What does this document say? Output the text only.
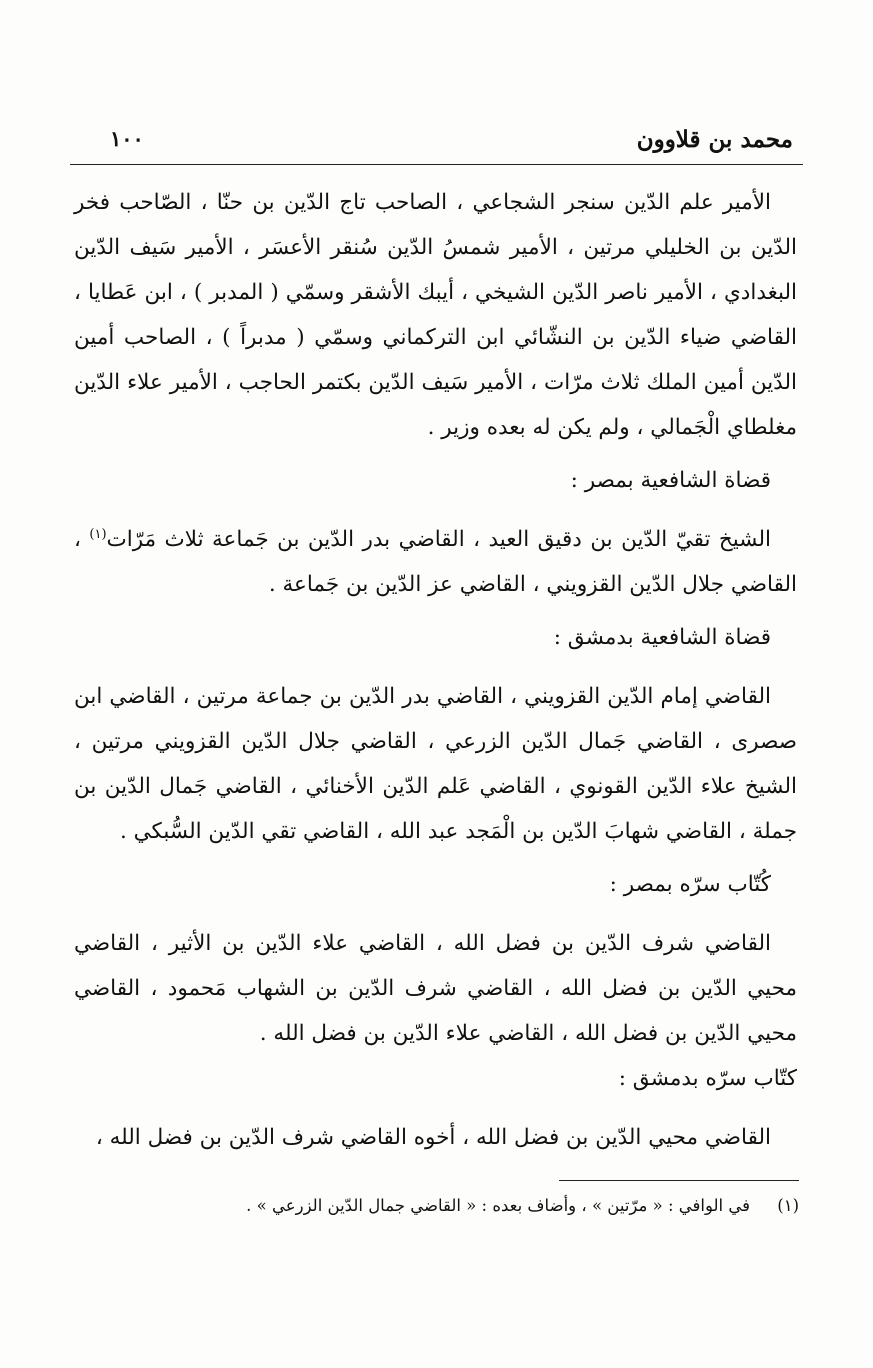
محمد بن قلاوون
١٠٠

الأمير علم الدّين سنجر الشجاعي ، الصاحب تاج الدّين بن حنّا ، الصّاحب فخر الدّين بن الخليلي مرتين ، الأمير شمسُ الدّين سُنقر الأعسَر ، الأمير سَيف الدّين البغدادي ، الأمير ناصر الدّين الشيخي ، أيبك الأشقر وسمّي ( المدبر ) ، ابن عَطايا ، القاضي ضياء الدّين بن النشّائي ابن التركماني وسمّي ( مدبراً ) ، الصاحب أمين الدّين أمين الملك ثلاث مرّات ، الأمير سَيف الدّين بكتمر الحاجب ، الأمير علاء الدّين مغلطاي الْجَمالي ، ولم يكن له بعده وزير .

قضاة الشافعية بمصر :

الشيخ تقيّ الدّين بن دقيق العيد ، القاضي بدر الدّين بن جَماعة ثلاث مَرّات$^{(١)}$ ، القاضي جلال الدّين القزويني ، القاضي عز الدّين بن جَماعة .

قضاة الشافعية بدمشق :

القاضي إمام الدّين القزويني ، القاضي بدر الدّين بن جماعة مرتين ، القاضي ابن صصرى ، القاضي جَمال الدّين الزرعي ، القاضي جلال الدّين القزويني مرتين ، الشيخ علاء الدّين القونوي ، القاضي عَلم الدّين الأخنائي ، القاضي جَمال الدّين بن جملة ، القاضي شهابَ الدّين بن الْمَجد عبد الله ، القاضي تقي الدّين السُّبكي .

كُتّاب سرّه بمصر :

القاضي شرف الدّين بن فضل الله ، القاضي علاء الدّين بن الأثير ، القاضي محيي الدّين بن فضل الله ، القاضي شرف الدّين بن الشهاب مَحمود ، القاضي محيي الدّين بن فضل الله ، القاضي علاء الدّين بن فضل الله .

كتّاب سرّه بدمشق :

القاضي محيي الدّين بن فضل الله ، أخوه القاضي شرف الدّين بن فضل الله ،

(١) في الوافي : « مرّتين » ، وأضاف بعده : « القاضي جمال الدّين الزرعي » .
